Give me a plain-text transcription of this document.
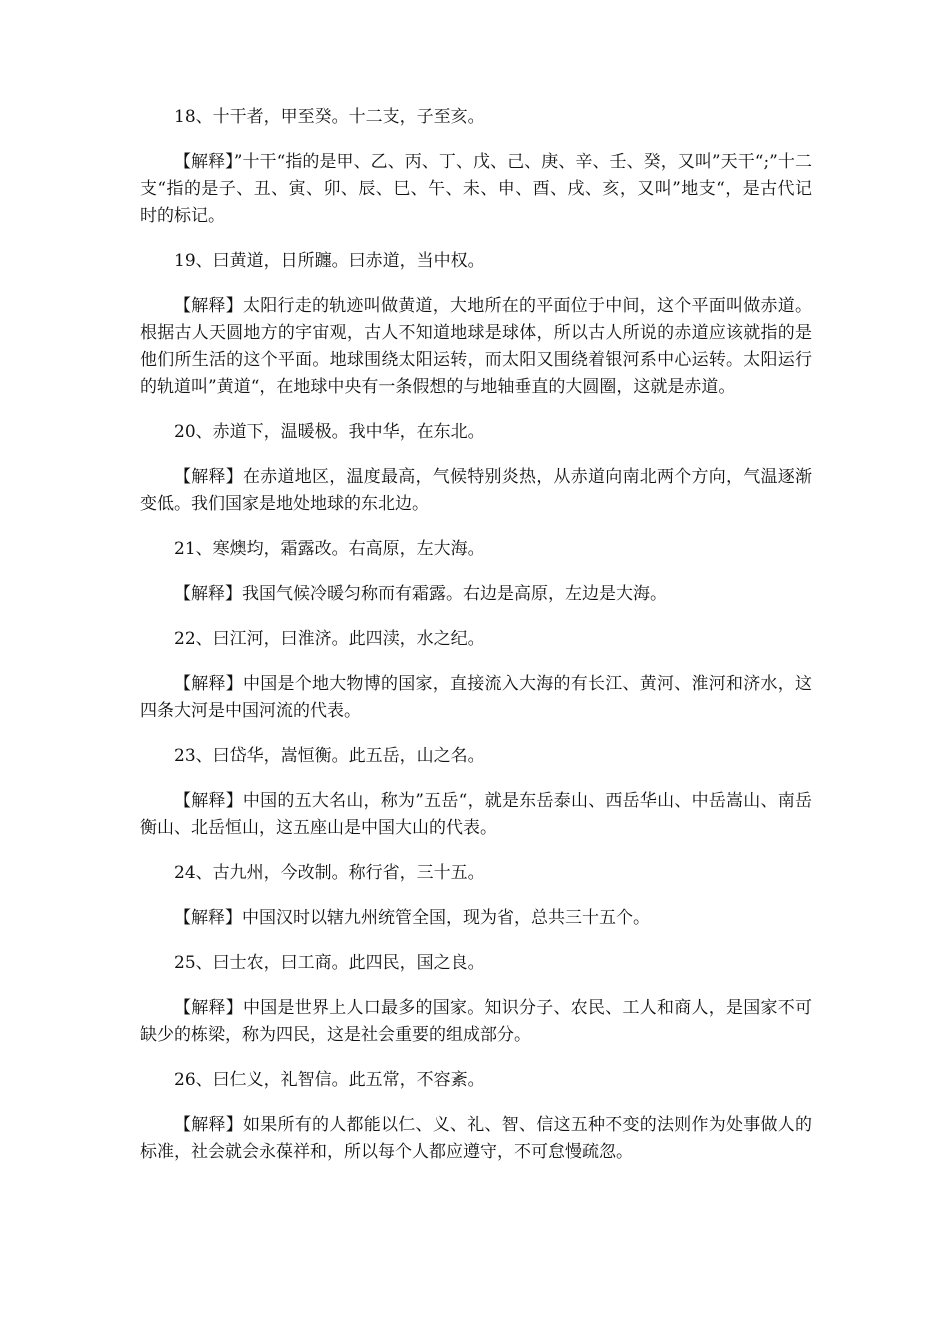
18、十干者，甲至癸。十二支，子至亥。

【解释】”十干“指的是甲、乙、丙、丁、戊、己、庚、辛、壬、癸，又叫”天干“;”十二支“指的是子、丑、寅、卯、辰、巳、午、未、申、酉、戌、亥，又叫”地支“，是古代记时的标记。

19、曰黄道，日所躔。曰赤道，当中权。

【解释】太阳行走的轨迹叫做黄道，大地所在的平面位于中间，这个平面叫做赤道。根据古人天圆地方的宇宙观，古人不知道地球是球体，所以古人所说的赤道应该就指的是他们所生活的这个平面。地球围绕太阳运转，而太阳又围绕着银河系中心运转。太阳运行的轨道叫”黄道“，在地球中央有一条假想的与地轴垂直的大圆圈，这就是赤道。

20、赤道下，温暖极。我中华，在东北。

【解释】在赤道地区，温度最高，气候特别炎热，从赤道向南北两个方向，气温逐渐变低。我们国家是地处地球的东北边。

21、寒燠均，霜露改。右高原，左大海。

【解释】我国气候冷暖匀称而有霜露。右边是高原，左边是大海。

22、曰江河，曰淮济。此四渎，水之纪。

【解释】中国是个地大物博的国家，直接流入大海的有长江、黄河、淮河和济水，这四条大河是中国河流的代表。

23、曰岱华，嵩恒衡。此五岳，山之名。

【解释】中国的五大名山，称为”五岳“，就是东岳泰山、西岳华山、中岳嵩山、南岳衡山、北岳恒山，这五座山是中国大山的代表。

24、古九州，今改制。称行省，三十五。

【解释】中国汉时以辖九州统管全国，现为省，总共三十五个。

25、曰士农，曰工商。此四民，国之良。

【解释】中国是世界上人口最多的国家。知识分子、农民、工人和商人，是国家不可缺少的栋梁，称为四民，这是社会重要的组成部分。

26、曰仁义，礼智信。此五常，不容紊。

【解释】如果所有的人都能以仁、义、礼、智、信这五种不变的法则作为处事做人的标准，社会就会永葆祥和，所以每个人都应遵守，不可怠慢疏忽。
